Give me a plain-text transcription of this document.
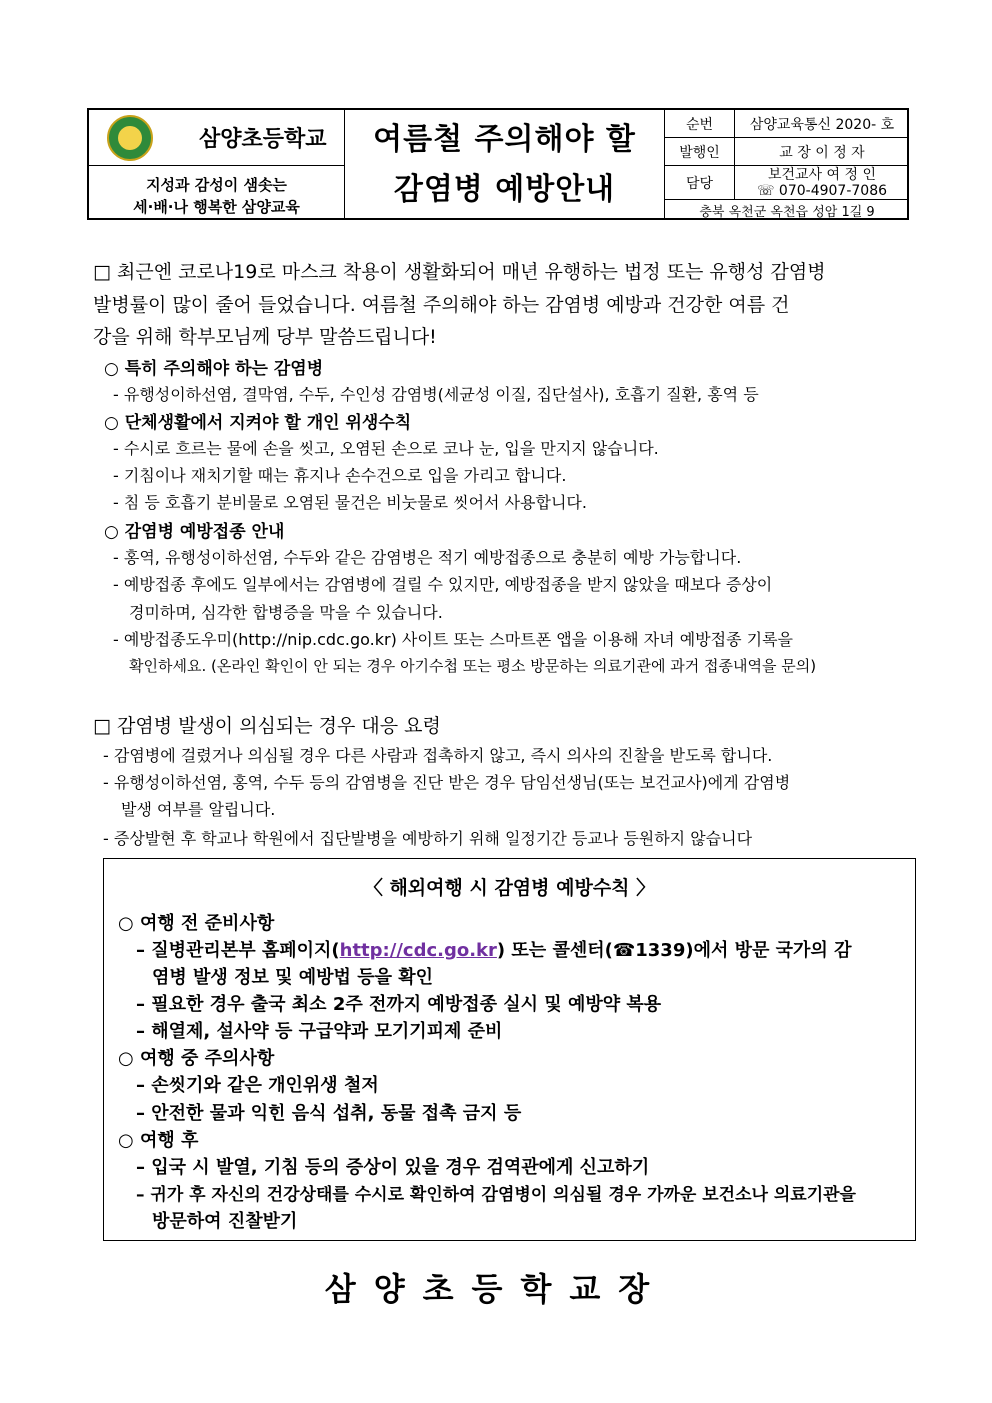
삼양초등학교
지성과 감성이 샘솟는
세·배·나 행복한 삼양교육
여름철 주의해야 할
감염병 예방안내
순번	삼양교육통신 2020- 호
발행인	교 장 이 정 자
담당
보건교사 여 정 인
☏ 070-4907-7086
충북 옥천군 옥천읍 성암 1길 9
□ 최근엔 코로나19로 마스크 착용이 생활화되어 매년 유행하는 법정 또는 유행성 감염병
발병률이 많이 줄어 들었습니다. 여름철 주의해야 하는 감염병 예방과 건강한 여름 건
강을 위해 학부모님께 당부 말씀드립니다!
○ 특히 주의해야 하는 감염병
- 유행성이하선염, 결막염, 수두, 수인성 감염병(세균성 이질, 집단설사), 호흡기 질환, 홍역 등
○ 단체생활에서 지켜야 할 개인 위생수칙
- 수시로 흐르는 물에 손을 씻고, 오염된 손으로 코나 눈, 입을 만지지 않습니다.
- 기침이나 재치기할 때는 휴지나 손수건으로 입을 가리고 합니다.
- 침 등 호흡기 분비물로 오염된 물건은 비눗물로 씻어서 사용합니다.
○ 감염병 예방접종 안내
- 홍역, 유행성이하선염, 수두와 같은 감염병은 적기 예방접종으로 충분히 예방 가능합니다.
- 예방접종 후에도 일부에서는 감염병에 걸릴 수 있지만, 예방접종을 받지 않았을 때보다 증상이
경미하며, 심각한 합병증을 막을 수 있습니다.
- 예방접종도우미(http://nip.cdc.go.kr) 사이트 또는 스마트폰 앱을 이용해 자녀 예방접종 기록을
확인하세요. (온라인 확인이 안 되는 경우 아기수첩 또는 평소 방문하는 의료기관에 과거 접종내역을 문의)
□ 감염병 발생이 의심되는 경우 대응 요령
- 감염병에 걸렸거나 의심될 경우 다른 사람과 접촉하지 않고, 즉시 의사의 진찰을 받도록 합니다.
- 유행성이하선염, 홍역, 수두 등의 감염병을 진단 받은 경우 담임선생님(또는 보건교사)에게 감염병
발생 여부를 알립니다.
- 증상발현 후 학교나 학원에서 집단발병을 예방하기 위해 일정기간 등교나 등원하지 않습니다
〈 해외여행 시 감염병 예방수칙 〉
○ 여행 전 준비사항
– 질병관리본부 홈페이지(http://cdc.go.kr) 또는 콜센터(☎1339)에서 방문 국가의 감
염병 발생 정보 및 예방법 등을 확인
– 필요한 경우 출국 최소 2주 전까지 예방접종 실시 및 예방약 복용
– 해열제, 설사약 등 구급약과 모기기피제 준비
○ 여행 중 주의사항
– 손씻기와 같은 개인위생 철저
– 안전한 물과 익힌 음식 섭취, 동물 접촉 금지 등
○ 여행 후
– 입국 시 발열, 기침 등의 증상이 있을 경우 검역관에게 신고하기
– 귀가 후 자신의 건강상태를 수시로 확인하여 감염병이 의심될 경우 가까운 보건소나 의료기관을
방문하여 진찰받기
삼양초등학교장
